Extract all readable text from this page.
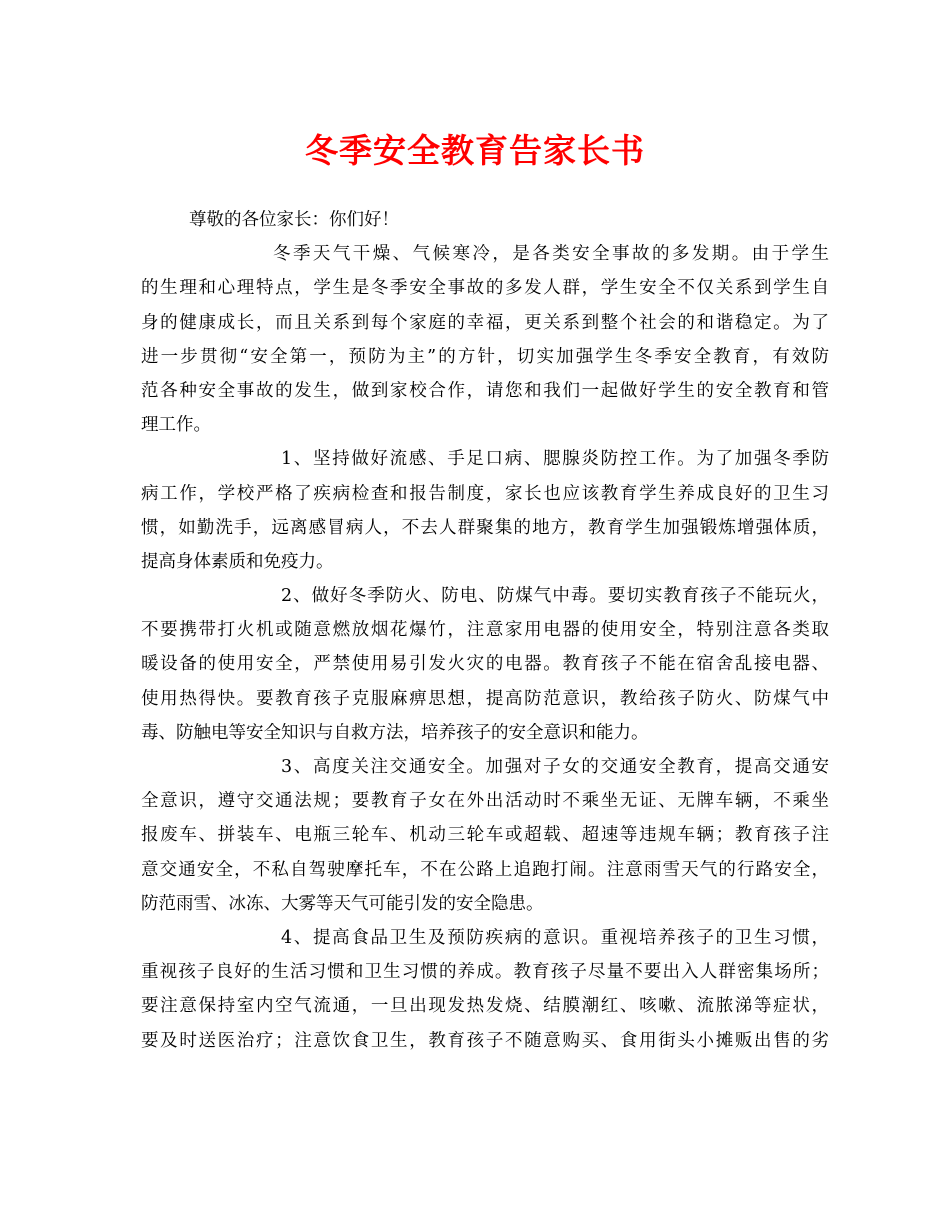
冬季安全教育告家长书
尊敬的各位家长：你们好！
冬季天气干燥、气候寒冷，是各类安全事故的多发期。由于学生
的生理和心理特点，学生是冬季安全事故的多发人群，学生安全不仅关系到学生自
身的健康成长，而且关系到每个家庭的幸福，更关系到整个社会的和谐稳定。为了
进一步贯彻“安全第一，预防为主”的方针，切实加强学生冬季安全教育，有效防
范各种安全事故的发生，做到家校合作，请您和我们一起做好学生的安全教育和管
理工作。
1、坚持做好流感、手足口病、腮腺炎防控工作。为了加强冬季防
病工作，学校严格了疾病检查和报告制度，家长也应该教育学生养成良好的卫生习
惯，如勤洗手，远离感冒病人，不去人群聚集的地方，教育学生加强锻炼增强体质，
提高身体素质和免疫力。
2、做好冬季防火、防电、防煤气中毒。要切实教育孩子不能玩火，
不要携带打火机或随意燃放烟花爆竹，注意家用电器的使用安全，特别注意各类取
暖设备的使用安全，严禁使用易引发火灾的电器。教育孩子不能在宿舍乱接电器、
使用热得快。要教育孩子克服麻痹思想，提高防范意识，教给孩子防火、防煤气中
毒、防触电等安全知识与自救方法，培养孩子的安全意识和能力。
3、高度关注交通安全。加强对子女的交通安全教育，提高交通安
全意识，遵守交通法规；要教育子女在外出活动时不乘坐无证、无牌车辆，不乘坐
报废车、拼装车、电瓶三轮车、机动三轮车或超载、超速等违规车辆；教育孩子注
意交通安全，不私自驾驶摩托车，不在公路上追跑打闹。注意雨雪天气的行路安全，
防范雨雪、冰冻、大雾等天气可能引发的安全隐患。
4、提高食品卫生及预防疾病的意识。重视培养孩子的卫生习惯，
重视孩子良好的生活习惯和卫生习惯的养成。教育孩子尽量不要出入人群密集场所；
要注意保持室内空气流通，一旦出现发热发烧、结膜潮红、咳嗽、流脓涕等症状，
要及时送医治疗；注意饮食卫生，教育孩子不随意购买、食用街头小摊贩出售的劣
